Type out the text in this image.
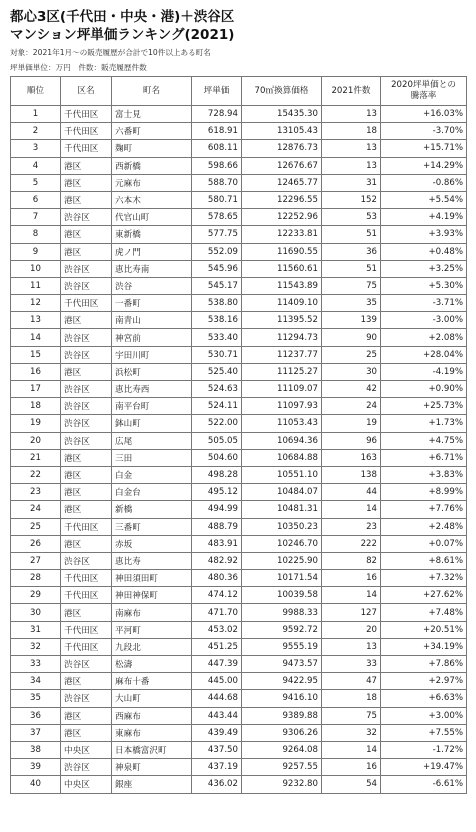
都心3区(千代田・中央・港)＋渋谷区
マンション坪単価ランキング(2021)
対象：2021年1月～の販売履歴が合計で10件以上ある町名
坪単価単位：万円　件数：販売履歴件数
順位	区名	町名	坪単価	70㎡換算価格	2021件数	2020坪単価との
騰落率

1	千代田区	富士見	728.94	15435.30	13	+16.03%
2	千代田区	六番町	618.91	13105.43	18	-3.70%
3	千代田区	麹町	608.11	12876.73	13	+15.71%
4	港区	西新橋	598.66	12676.67	13	+14.29%
5	港区	元麻布	588.70	12465.77	31	-0.86%
6	港区	六本木	580.71	12296.55	152	+5.54%
7	渋谷区	代官山町	578.65	12252.96	53	+4.19%
8	港区	東新橋	577.75	12233.81	51	+3.93%
9	港区	虎ノ門	552.09	11690.55	36	+0.48%
10	渋谷区	恵比寿南	545.96	11560.61	51	+3.25%
11	渋谷区	渋谷	545.17	11543.89	75	+5.30%
12	千代田区	一番町	538.80	11409.10	35	-3.71%
13	港区	南青山	538.16	11395.52	139	-3.00%
14	渋谷区	神宮前	533.40	11294.73	90	+2.08%
15	渋谷区	宇田川町	530.71	11237.77	25	+28.04%
16	港区	浜松町	525.40	11125.27	30	-4.19%
17	渋谷区	恵比寿西	524.63	11109.07	42	+0.90%
18	渋谷区	南平台町	524.11	11097.93	24	+25.73%
19	渋谷区	鉢山町	522.00	11053.43	19	+1.73%
20	渋谷区	広尾	505.05	10694.36	96	+4.75%
21	港区	三田	504.60	10684.88	163	+6.71%
22	港区	白金	498.28	10551.10	138	+3.83%
23	港区	白金台	495.12	10484.07	44	+8.99%
24	港区	新橋	494.99	10481.31	14	+7.76%
25	千代田区	三番町	488.79	10350.23	23	+2.48%
26	港区	赤坂	483.91	10246.70	222	+0.07%
27	渋谷区	恵比寿	482.92	10225.90	82	+8.61%
28	千代田区	神田須田町	480.36	10171.54	16	+7.32%
29	千代田区	神田神保町	474.12	10039.58	14	+27.62%
30	港区	南麻布	471.70	9988.33	127	+7.48%
31	千代田区	平河町	453.02	9592.72	20	+20.51%
32	千代田区	九段北	451.25	9555.19	13	+34.19%
33	渋谷区	松濤	447.39	9473.57	33	+7.86%
34	港区	麻布十番	445.00	9422.95	47	+2.97%
35	渋谷区	大山町	444.68	9416.10	18	+6.63%
36	港区	西麻布	443.44	9389.88	75	+3.00%
37	港区	東麻布	439.49	9306.26	32	+7.55%
38	中央区	日本橋富沢町	437.50	9264.08	14	-1.72%
39	渋谷区	神泉町	437.19	9257.55	16	+19.47%
40	中央区	銀座	436.02	9232.80	54	-6.61%
